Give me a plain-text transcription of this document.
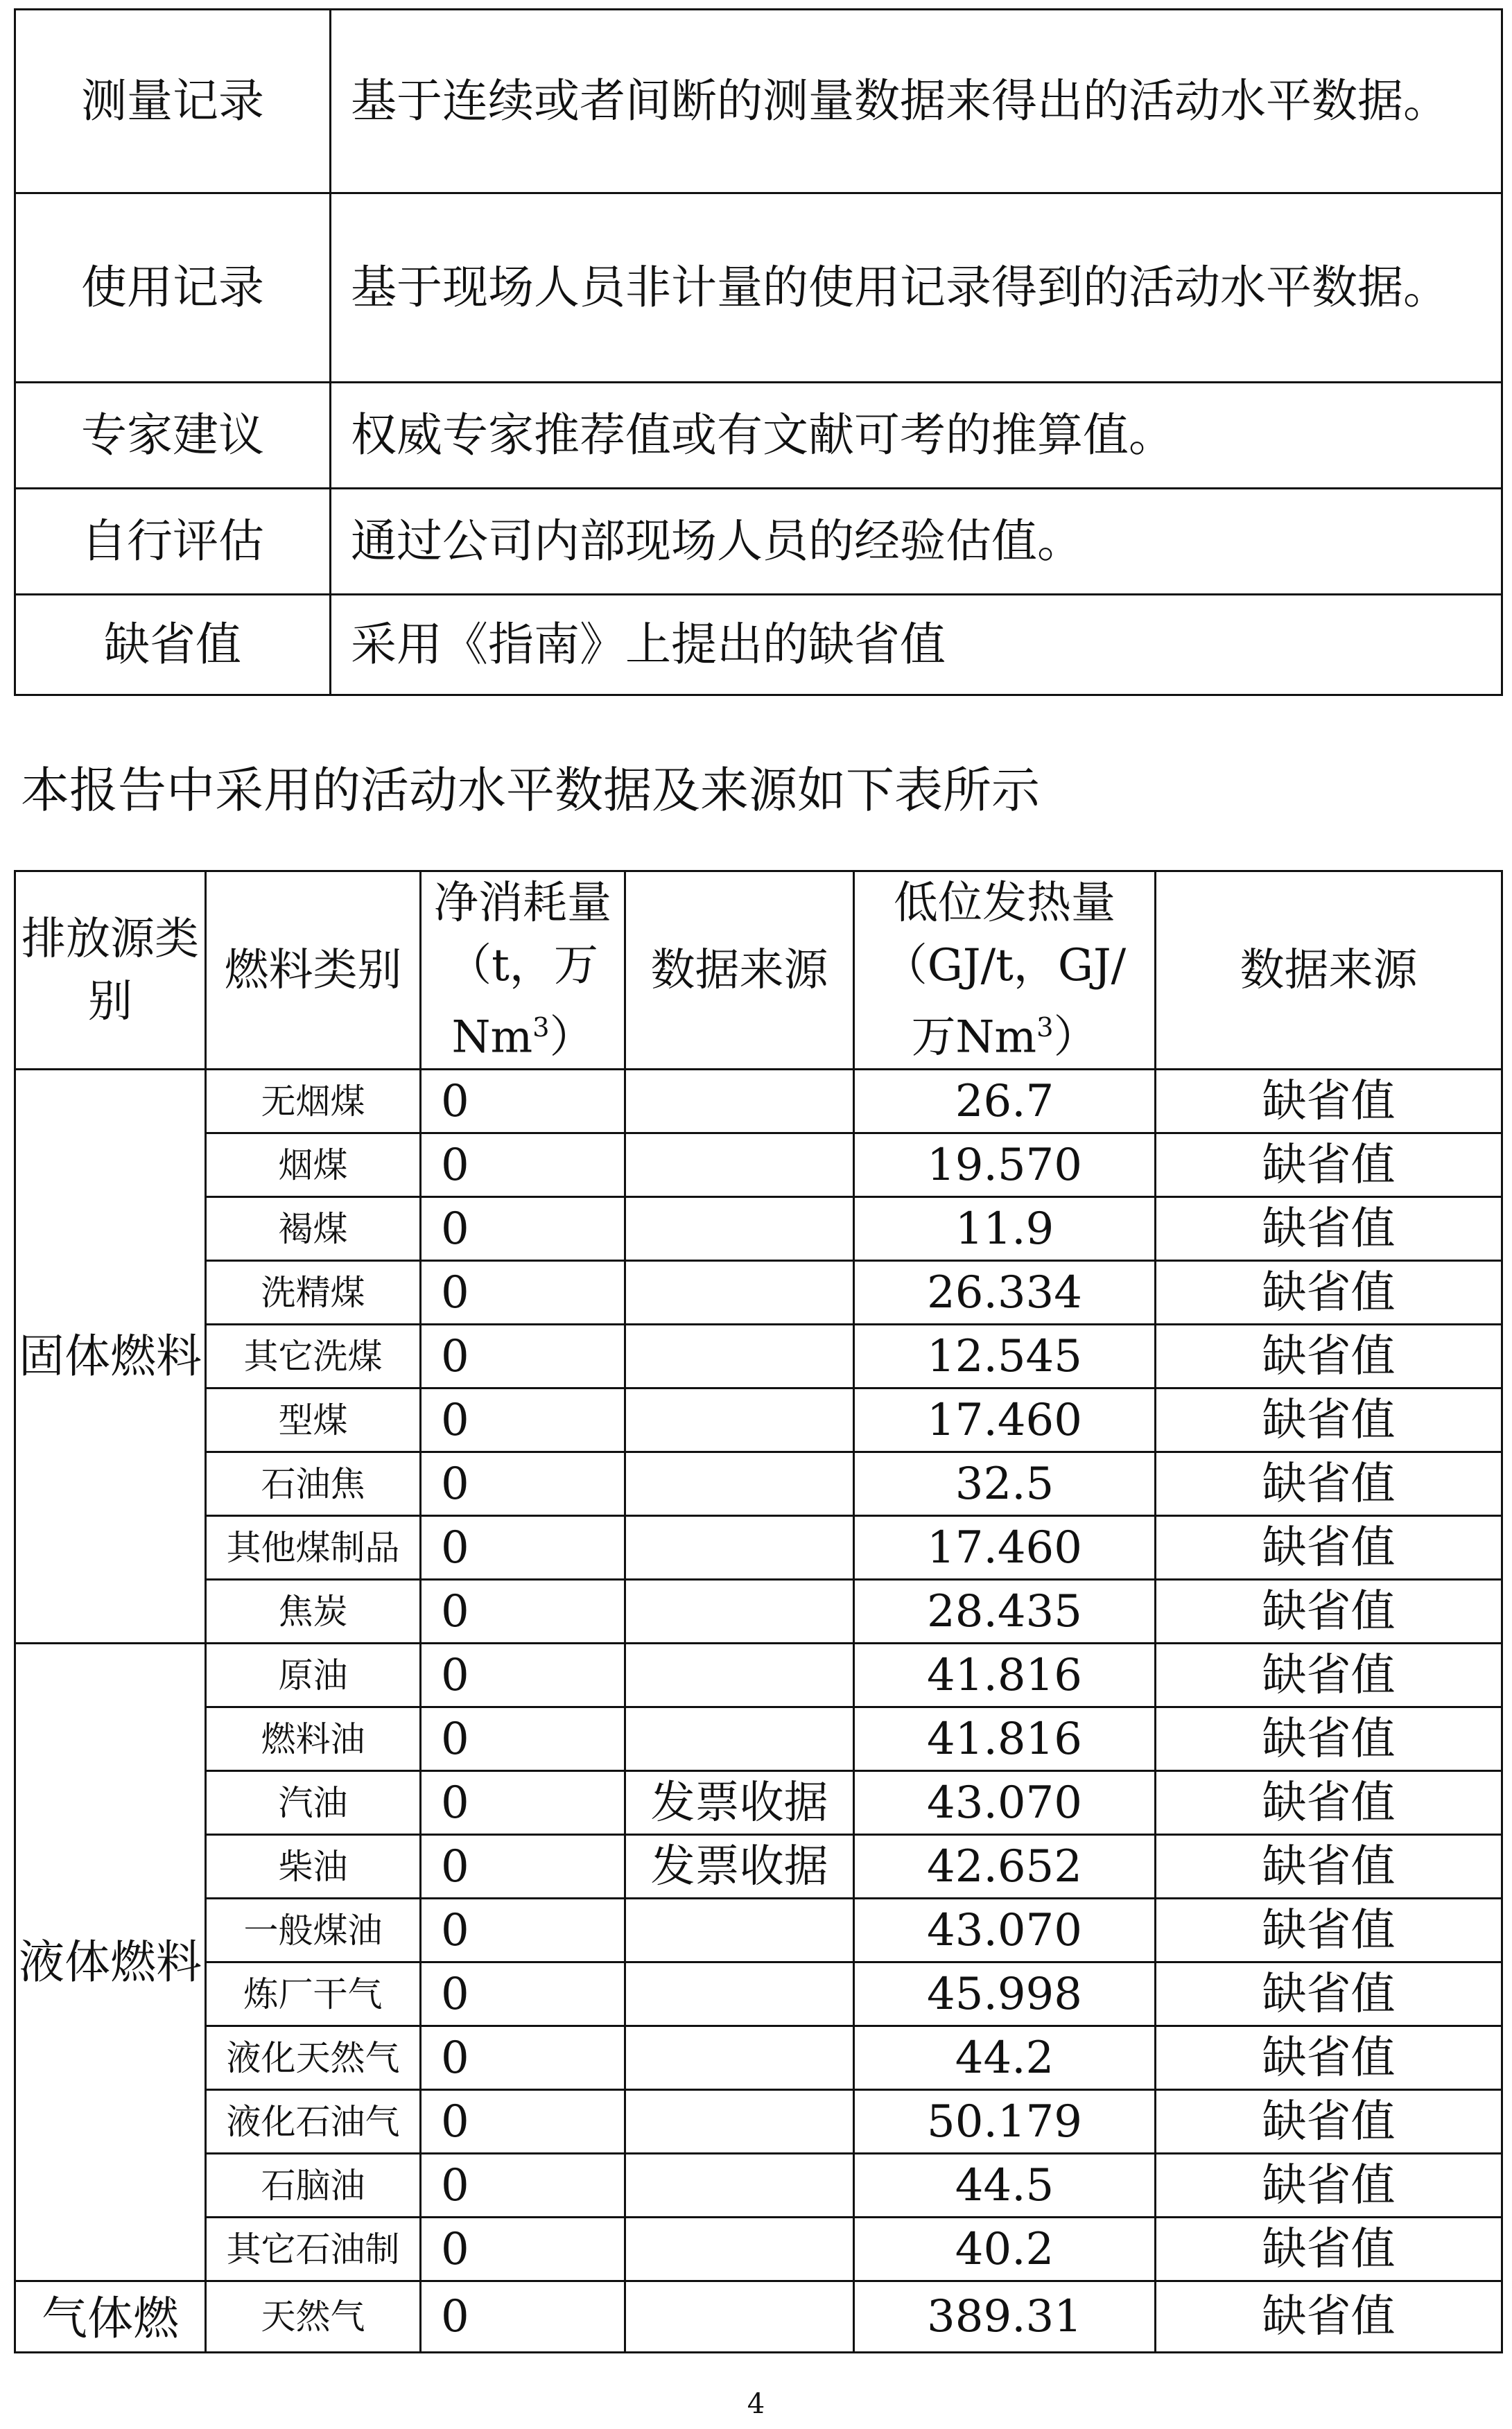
测量记录	基于连续或者间断的测量数据来得出的活动水平数据。
使用记录	基于现场人员非计量的使用记录得到的活动水平数据。
专家建议	权威专家推荐值或有文献可考的推算值。
自行评估	通过公司内部现场人员的经验估值。
缺省值	采用《指南》上提出的缺省值
本报告中采用的活动水平数据及来源如下表所示
排放源类别	燃料类别	净消耗量
（t，万
Nm$^3$）	数据来源	低位发热量
（GJ/t，GJ/
万Nm$^3$）	数据来源
固体燃料	无烟煤	0		26.7	缺省值
	烟煤	0		19.570	缺省值
	褐煤	0		11.9	缺省值
	洗精煤	0		26.334	缺省值
	其它洗煤	0		12.545	缺省值
	型煤	0		17.460	缺省值
	石油焦	0		32.5	缺省值
	其他煤制品	0		17.460	缺省值
	焦炭	0		28.435	缺省值
液体燃料	原油	0		41.816	缺省值
	燃料油	0		41.816	缺省值
	汽油	0	发票收据	43.070	缺省值
	柴油	0	发票收据	42.652	缺省值
	一般煤油	0		43.070	缺省值
	炼厂干气	0		45.998	缺省值
	液化天然气	0		44.2	缺省值
	液化石油气	0		50.179	缺省值
	石脑油	0		44.5	缺省值
	其它石油制	0		40.2	缺省值
气体燃	天然气	0		389.31	缺省值
4
